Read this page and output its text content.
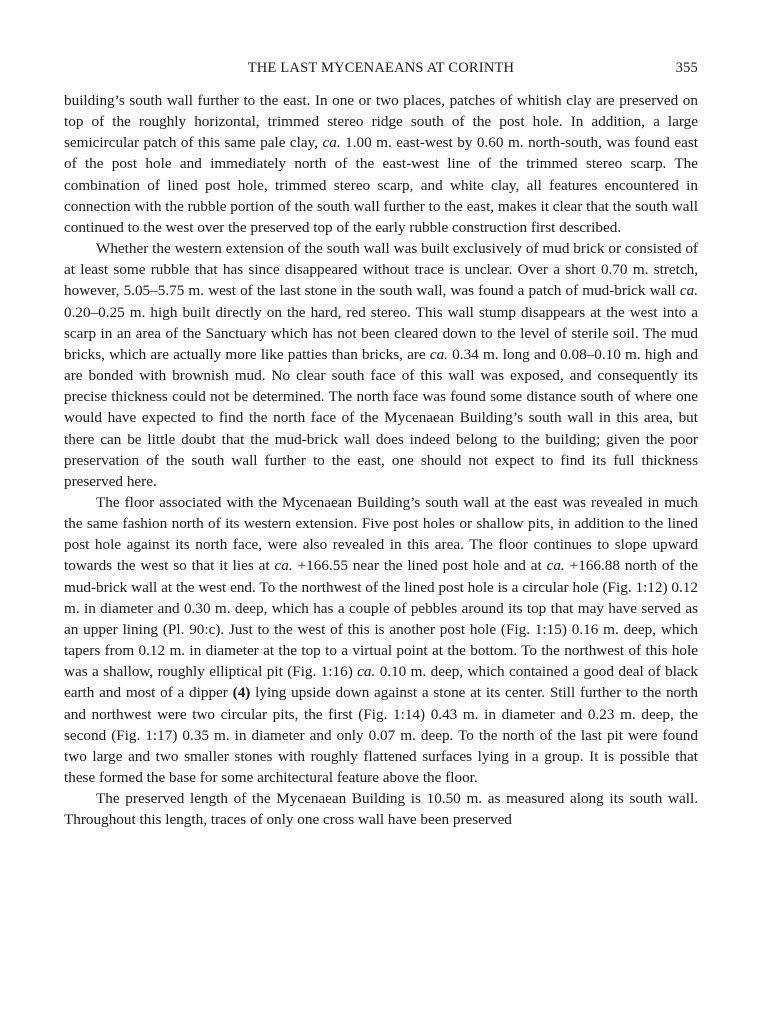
THE LAST MYCENAEANS AT CORINTH	355

building’s south wall further to the east. In one or two places, patches of whitish clay are preserved on top of the roughly horizontal, trimmed stereo ridge south of the post hole. In addition, a large semicircular patch of this same pale clay, ca. 1.00 m. east-west by 0.60 m. north-south, was found east of the post hole and immediately north of the east-west line of the trimmed stereo scarp. The combination of lined post hole, trimmed stereo scarp, and white clay, all features encountered in connection with the rubble portion of the south wall further to the east, makes it clear that the south wall continued to the west over the preserved top of the early rubble construction first described.

Whether the western extension of the south wall was built exclusively of mud brick or consisted of at least some rubble that has since disappeared without trace is unclear. Over a short 0.70 m. stretch, however, 5.05–5.75 m. west of the last stone in the south wall, was found a patch of mud-brick wall ca. 0.20–0.25 m. high built directly on the hard, red stereo. This wall stump disappears at the west into a scarp in an area of the Sanctuary which has not been cleared down to the level of sterile soil. The mud bricks, which are actually more like patties than bricks, are ca. 0.34 m. long and 0.08–0.10 m. high and are bonded with brownish mud. No clear south face of this wall was exposed, and consequently its precise thickness could not be determined. The north face was found some distance south of where one would have expected to find the north face of the Mycenaean Building’s south wall in this area, but there can be little doubt that the mud-brick wall does indeed belong to the building; given the poor preservation of the south wall further to the east, one should not expect to find its full thickness preserved here.

The floor associated with the Mycenaean Building’s south wall at the east was revealed in much the same fashion north of its western extension. Five post holes or shallow pits, in addition to the lined post hole against its north face, were also revealed in this area. The floor continues to slope upward towards the west so that it lies at ca. +166.55 near the lined post hole and at ca. +166.88 north of the mud-brick wall at the west end. To the northwest of the lined post hole is a circular hole (Fig. 1:12) 0.12 m. in diameter and 0.30 m. deep, which has a couple of pebbles around its top that may have served as an upper lining (Pl. 90:c). Just to the west of this is another post hole (Fig. 1:15) 0.16 m. deep, which tapers from 0.12 m. in diameter at the top to a virtual point at the bottom. To the northwest of this hole was a shallow, roughly elliptical pit (Fig. 1:16) ca. 0.10 m. deep, which contained a good deal of black earth and most of a dipper (4) lying upside down against a stone at its center. Still further to the north and northwest were two circular pits, the first (Fig. 1:14) 0.43 m. in diameter and 0.23 m. deep, the second (Fig. 1:17) 0.35 m. in diameter and only 0.07 m. deep. To the north of the last pit were found two large and two smaller stones with roughly flattened surfaces lying in a group. It is possible that these formed the base for some architectural feature above the floor.

The preserved length of the Mycenaean Building is 10.50 m. as measured along its south wall. Throughout this length, traces of only one cross wall have been preserved
